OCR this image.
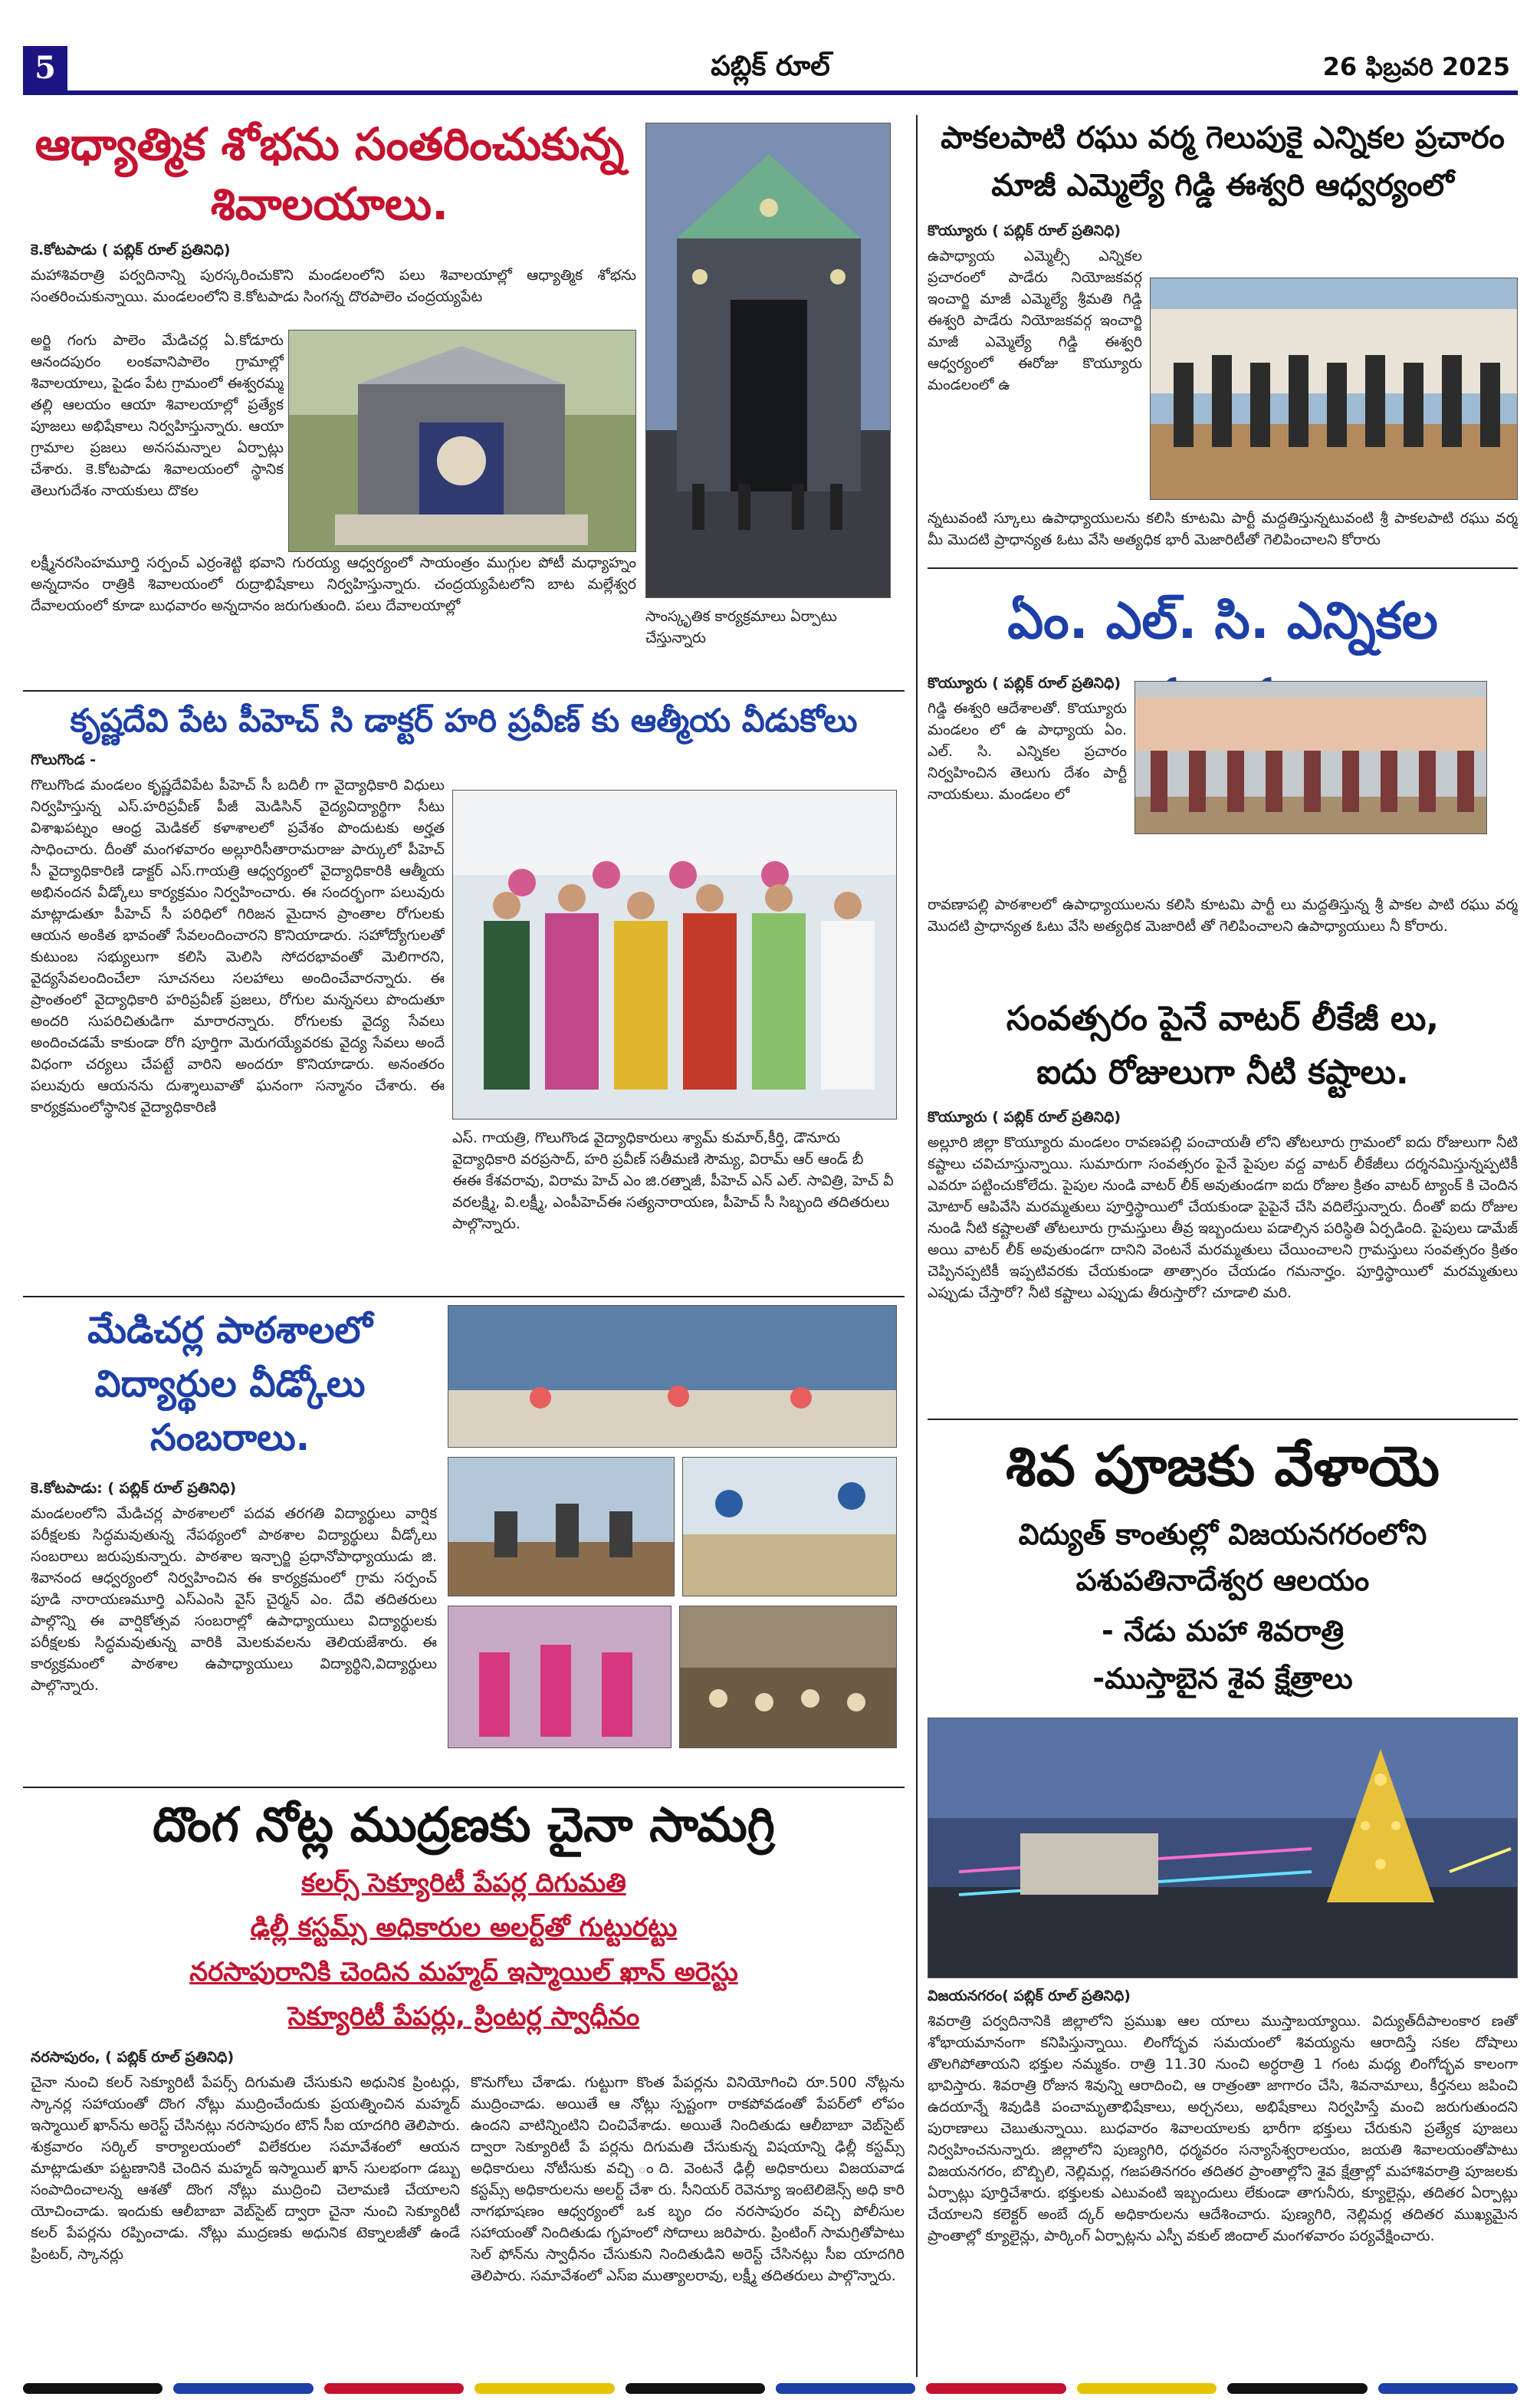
5	పబ్లిక్ రూల్	26 ఫిబ్రవరి 2025
ఆధ్యాత్మిక శోభను సంతరించుకున్న
శివాలయాలు.
కె.కోటపాడు ( పబ్లిక్ రూల్ ప్రతినిధి)
మహాశివరాత్రి పర్వదినాన్ని పురస్కరించుకొని మండలంలోని పలు శివాలయాల్లో ఆధ్యాత్మిక శోభను సంతరించుకున్నాయి. మండలంలోని కె.కోటపాడు సింగన్న దొరపాలెం చంద్రయ్యపేట
అర్జి గంగు పాలెం మేడిచర్ల ఏ.కోడూరు ఆనందపురం లంకవానిపాలెం గ్రామాల్లో శివాలయాలు, పైడం పేట గ్రామంలో ఈశ్వరమ్మ తల్లి ఆలయం ఆయా శివాలయాల్లో ప్రత్యేక పూజలు అభిషేకాలు నిర్వహిస్తున్నారు. ఆయా గ్రామాల ప్రజలు అనసమన్నాల ఏర్పాట్లు చేశారు. కె.కోటపాడు శివాలయంలో స్థానిక తెలుగుదేశం నాయకులు దొకల
లక్ష్మీనరసింహమూర్తి సర్పంచ్ ఎర్రంశెట్టి భవాని గురయ్య ఆధ్వర్యంలో సాయంత్రం ముగ్గుల పోటీ మధ్యాహ్నం అన్నదానం రాత్రికి శివాలయంలో రుద్రాభిషేకాలు నిర్వహిస్తున్నారు. చంద్రయ్యపేటలోని బాట మల్లేశ్వర దేవాలయంలో కూడా బుధవారం అన్నదానం జరుగుతుంది. పలు దేవాలయాల్లో
సాంస్కృతిక కార్యక్రమాలు ఏర్పాటు చేస్తున్నారు
కృష్ణదేవి పేట పీహెచ్ సి డాక్టర్ హరి ప్రవీణ్ కు ఆత్మీయ వీడుకోలు
గొలుగొండ -
గొలుగొండ మండలం కృష్ణదేవిపేట పీహెచ్ సీ బదిలీ గా వైద్యాధికారి విధులు నిర్వహిస్తున్న ఎస్.హరిప్రవీణ్ పీజీ మెడిసిన్ వైద్యవిద్యార్థిగా సీటు విశాఖపట్నం ఆంధ్ర మెడికల్ కళాశాలలో ప్రవేశం పొందుటకు అర్హత సాధించారు. దీంతో మంగళవారం అల్లూరిసీతారామరాజు పార్కులో పీహెచ్ సీ వైద్యాధికారిణి డాక్టర్ ఎస్.గాయత్రి ఆధ్వర్యంలో వైద్యాధికారికి ఆత్మీయ అభినందన వీడ్కోలు కార్యక్రమం నిర్వహించారు. ఈ సందర్భంగా పలువురు మాట్లాడుతూ పీహెచ్ సీ పరిధిలో గిరిజన మైదాన ప్రాంతాల రోగులకు ఆయన అంకిత భావంతో సేవలందించారని కొనియాడారు. సహోద్యోగులతో కుటుంబ సభ్యులుగా కలిసి మెలిసి సోదరభావంతో మెలిగారని, వైద్యసేవలందించేలా సూచనలు సలహాలు అందించేవారన్నారు. ఈ ప్రాంతంలో వైద్యాధికారి హరిప్రవీణ్ ప్రజలు, రోగుల మన్ననలు పొందుతూ అందరి సుపరిచితుడిగా మారారన్నారు. రోగులకు వైద్య సేవలు అందించడమే కాకుండా రోగి పూర్తిగా మెరుగయ్యేవరకు వైద్య సేవలు అందే విధంగా చర్యలు చేపట్టే వారిని అందరూ కొనియాడారు. అనంతరం పలువురు ఆయనను దుశ్శాలువాతో ఘనంగా సన్మానం చేశారు. ఈ కార్యక్రమంలోస్థానిక వైద్యాధికారిణి
ఎస్. గాయత్రి, గొలుగొండ వైద్యాధికారులు శ్యామ్ కుమార్,కీర్తి, డౌనూరు వైద్యాధికారి వరప్రసాద్, హరి ప్రవీణ్ సతీమణి సౌమ్య, విరామ్ ఆర్ ఆండ్ బీ ఈఈ కేశవరావు, విరామ హెచ్ ఎం జి.రత్నాజీ, పీహెచ్ ఎన్ ఎల్. సావిత్రి, హెచ్ వీ వరలక్ష్మి, వి.లక్ష్మీ, ఎంపీహెచ్ఈ సత్యనారాయణ, పీహెచ్ సీ సిబ్బంది తదితరులు పాల్గొన్నారు.
మేడిచర్ల పాఠశాలలో
విద్యార్థుల వీడ్కోలు
సంబరాలు.
కె.కోటపాడు: ( పబ్లిక్ రూల్ ప్రతినిధి)
మండలంలోని మేడిచర్ల పాఠశాలలో పదవ తరగతి విద్యార్థులు వార్షిక పరీక్షలకు సిద్ధమవుతున్న నేపథ్యంలో పాఠశాల విద్యార్థులు వీడ్కోలు సంబరాలు జరుపుకున్నారు. పాఠశాల ఇన్చార్జి ప్రధానోపాధ్యాయుడు జి. శివానంద ఆధ్వర్యంలో నిర్వహించిన ఈ కార్యక్రమంలో గ్రామ సర్పంచ్ పూడి నారాయణమూర్తి ఎస్ఎంసి వైస్ చైర్మన్ ఎం. దేవి తదితరులు పాల్గొన్ని ఈ వార్షికోత్సవ సంబరాల్లో ఉపాధ్యాయులు విద్యార్థులకు పరీక్షలకు సిద్ధమవుతున్న వారికి మెలకువలను తెలియజేశారు. ఈ కార్యక్రమంలో పాఠశాల ఉపాధ్యాయులు విద్యార్థిని,విద్యార్థులు పాల్గొన్నారు.
దొంగ నోట్ల ముద్రణకు చైనా సామగ్రి
కలర్స్ సెక్యూరిటీ పేపర్ల దిగుమతి
ఢిల్లీ కస్టమ్స్ అధికారుల అలర్ట్‌తో గుట్టురట్టు
నరసాపురానికి చెందిన మహ్మద్ ఇస్మాయిల్ ఖాన్ అరెస్టు
సెక్యూరిటీ పేపర్లు, ప్రింటర్ల స్వాధీనం
నరసాపురం, ( పబ్లిక్ రూల్ ప్రతినిధి)
చైనా నుంచి కలర్ సెక్యూరిటీ పేపర్స్ దిగుమతి చేసుకుని అధునిక ప్రింటర్లు, స్కానర్ల సహాయంతో దొంగ నోట్లు ముద్రించేందుకు ప్రయత్నించిన మహ్మద్ ఇస్మాయిల్ ఖాన్‌ను అరెస్ట్ చేసినట్లు నరసాపురం టౌన్ సీఐ యాదగిరి తెలిపారు. శుక్రవారం సర్కిల్ కార్యాలయంలో విలేకరుల సమావేశంలో ఆయన మాట్లాడుతూ పట్టణానికి చెందిన మహ్మద్ ఇస్మాయిల్ ఖాన్ సులభంగా డబ్బు సంపాదించాలన్న ఆశతో దొంగ నోట్లు ముద్రించి చెలామణి చేయాలని యోచించాడు. ఇందుకు ఆలీబాబా వెబ్‌సైట్ ద్వారా చైనా నుంచి సెక్యూరిటీ కలర్ పేపర్లను రప్పించాడు. నోట్లు ముద్రణకు అధునిక టెక్నాలజీతో ఉండే ప్రింటర్, స్కానర్లు
కొనుగోలు చేశాడు. గుట్టుగా కొంత పేపర్లను వినియోగించి రూ.500 నోట్లను ముద్రించాడు. అయితే ఆ నోట్లు స్పష్టంగా రాకపోవడంతో పేపర్‌లో లోపం ఉందని వాటిన్నింటిని చించివేశాడు. అయితే నిందితుడు ఆలీబాబా వెబ్‌సైట్ ద్వారా సెక్యూరిటీ పే పర్లను దిగుమతి చేసుకున్న విషయాన్ని ఢిల్లీ కస్టమ్స్ అధికారులు నోటీసుకు వచ్చి ంది. వెంటనే ఢిల్లీ అధికారులు విజయవాడ కస్టమ్స్ అధికారులను అలర్ట్ చేశా రు. సీనియర్ రెవెన్యూ ఇంటెలిజెన్స్ అధి కారి నాగభూషణం ఆధ్వర్యంలో ఒక బృం దం నరసాపురం వచ్చి పోలీసుల సహాయంతో నిందితుడు గృహంలో సోదాలు జరిపారు. ప్రింటింగ్ సామగ్రితోపాటు సెల్ ఫోన్‌ను స్వాధీనం చేసుకుని నిందితుడిని అరెస్ట్ చేసినట్లు సీఐ యాదగిరి తెలిపారు. సమావేశంలో ఎస్ఐ ముత్యాలరావు, లక్ష్మీ తదితరులు పాల్గొన్నారు.
పాకలపాటి రఘు వర్మ గెలుపుకై ఎన్నికల ప్రచారం
మాజీ ఎమ్మెల్యే గిడ్డి ఈశ్వరి ఆధ్వర్యంలో
కొయ్యూరు ( పబ్లిక్ రూల్ ప్రతినిధి)
ఉపాధ్యాయ ఎమ్మెల్సీ ఎన్నికల ప్రచారంలో పాడేరు నియోజకవర్గ ఇంచార్జి మాజీ ఎమ్మెల్యే శ్రీమతి గిడ్డి ఈశ్వరి పాడేరు నియోజకవర్గ ఇంచార్జి మాజీ ఎమ్మెల్యే గిడ్డి ఈశ్వరి ఆధ్వర్యంలో ఈరోజు కొయ్యూరు మండలంలో ఉ
న్నటువంటి స్కూలు ఉపాధ్యాయులను కలిసి కూటమి పార్టీ మద్దతిస్తున్నటువంటి శ్రీ పాకలపాటి రఘు వర్మ మీ మొదటి ప్రాధాన్యత ఓటు వేసి అత్యధిక భారీ మెజారిటీతో గెలిపించాలని కోరారు
ఏం. ఎల్. సి. ఎన్నికల
కొయ్యూరు ( పబ్లిక్ రూల్ ప్రతినిధి)
గిడ్డి ఈశ్వరి ఆదేశాలతో. కొయ్యూరు మండలం లో ఉ పాధ్యాయ ఏం. ఎల్. సి. ఎన్నికల ప్రచారం నిర్వహించిన తెలుగు దేశం పార్టీ నాయకులు. మండలం లో
రావణాపల్లి పాఠశాలలో ఉపాధ్యాయులను కలిసి కూటమి పార్టీ లు మద్దతిస్తున్న శ్రీ పాకల పాటి రఘు వర్మ మొదటి ప్రాధాన్యత ఓటు వేసి అత్యధిక మెజారిటీ తో గెలిపించాలని ఉపాధ్యాయులు నీ కోరారు.
సంవత్సరం పైనే వాటర్ లీకేజీ లు,
ఐదు రోజులుగా నీటి కష్టాలు.
కొయ్యూరు ( పబ్లిక్ రూల్ ప్రతినిధి)
అల్లూరి జిల్లా కొయ్యూరు మండలం రావణపల్లి పంచాయతీ లోని తోటలూరు గ్రామంలో ఐదు రోజులుగా నీటి కష్టాలు చవిచూస్తున్నాయి. సుమారుగా సంవత్సరం పైనే పైపుల వద్ద వాటర్ లీకేజీలు దర్శనమిస్తున్నప్పటికీ ఎవరూ పట్టించుకోలేదు. పైపుల నుండి వాటర్ లీక్ అవుతుండగా ఐదు రోజుల క్రితం వాటర్ ట్యాంక్ కి చెందిన మోటార్ ఆపివేసి మరమ్మతులు పూర్తిస్థాయిలో చేయకుండా పైపైనే చేసి వదిలేస్తున్నారు. దీంతో ఐదు రోజుల నుండి నీటి కష్టాలతో తోటలూరు గ్రామస్తులు తీవ్ర ఇబ్బందులు పడాల్సిన పరిస్థితి ఏర్పడింది. పైపులు డామేజ్ అయి వాటర్ లీక్ అవుతుండగా దానిని వెంటనే మరమ్మతులు చేయించాలని గ్రామస్తులు సంవత్సరం క్రితం చెప్పినప్పటికీ ఇప్పటివరకు చేయకుండా తాత్సారం చేయడం గమనార్హం. పూర్తిస్థాయిలో మరమ్మతులు ఎప్పుడు చేస్తారో? నీటి కష్టాలు ఎప్పుడు తీరుస్తారో? చూడాలి మరి.
శివ పూజకు వేళాయె
విద్యుత్ కాంతుల్లో విజయనగరంలోని
పశుపతినాదేశ్వర ఆలయం
- నేడు మహా శివరాత్రి
-ముస్తాబైన శైవ క్షేత్రాలు
విజయనగరం( పబ్లిక్ రూల్ ప్రతినిధి)
శివరాత్రి పర్వదినానికి జిల్లాలోని ప్రముఖ ఆల యాలు ముస్తాబయ్యాయి. విద్యుత్‌దీపాలంకార ణతో శోభాయమానంగా కనిపిస్తున్నాయి. లింగోద్భవ సమయంలో శివయ్యను ఆరాదిస్తే సకల దోషాలు తొలగిపోతాయని భక్తుల నమ్మకం. రాత్రి 11.30 నుంచి అర్ధరాత్రి 1 గంట మధ్య లింగోద్భవ కాలంగా భావిస్తారు. శివరాత్రి రోజున శివున్ని ఆరాదించి, ఆ రాత్రంతా జాగారం చేసి, శివనామాలు, కీర్తనలు జపించి ఉదయాన్నే శివుడికి పంచామృతాభిషేకాలు, అర్చనలు, అభిషేకాలు నిర్వహిస్తే మంచి జరుగుతుందని పురాణాలు చెబుతున్నాయి. బుధవారం శివాలయాలకు భారీగా భక్తులు చేరుకుని ప్రత్యేక పూజలు నిర్వహించనున్నారు. జిల్లాలోని పుణ్యగిరి, ధర్మవరం సన్యాసేశ్వరాలయం, జయతి శివాలయంతోపాటు విజయనగరం, బొబ్బిలి, నెల్లిమర్ల, గజపతినగరం తదితర ప్రాంతాల్లోని శైవ క్షేత్రాల్లో మహాశివరాత్రి పూజలకు ఏర్పాట్లు పూర్తిచేశారు. భక్తులకు ఎటువంటి ఇబ్బందులు లేకుండా తాగునీరు, క్యూలైన్లు, తదితర ఏర్పాట్లు చేయాలని కలెక్టర్ అంబే ద్కర్ అధికారులను ఆదేశించారు. పుణ్యగిరి, నెల్లిమర్ల తదితర ముఖ్యమైన ప్రాంతాల్లో క్యూలైన్లు, పార్కింగ్ ఏర్పాట్లను ఎస్పీ వకుల్ జిందాల్ మంగళవారం పర్యవేక్షించారు.
